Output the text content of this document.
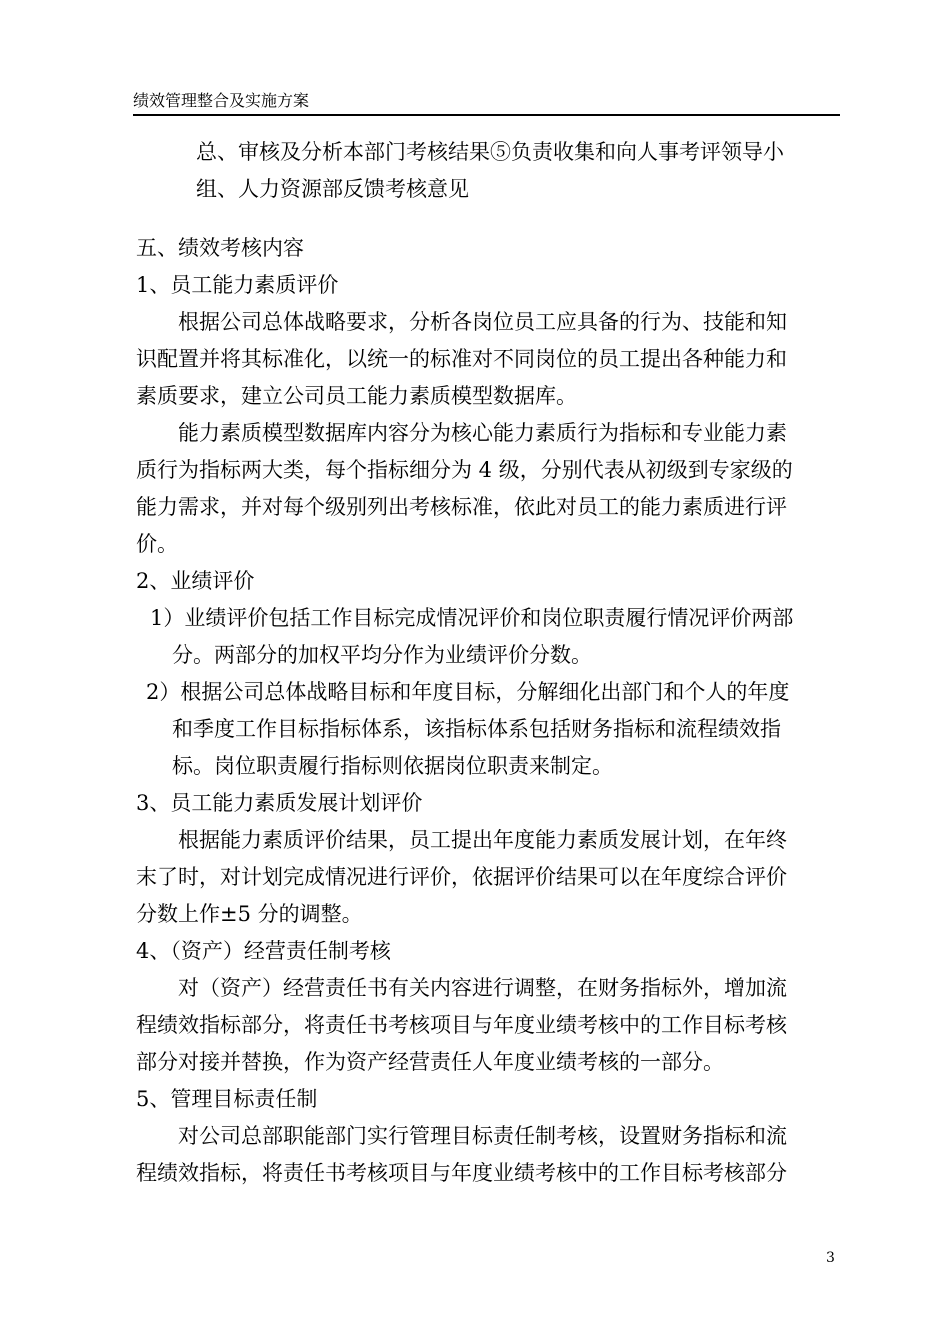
绩效管理整合及实施方案
总、审核及分析本部门考核结果⑤负责收集和向人事考评领导小
组、人力资源部反馈考核意见
五、绩效考核内容
1、员工能力素质评价
根据公司总体战略要求，分析各岗位员工应具备的行为、技能和知
识配置并将其标准化，以统一的标准对不同岗位的员工提出各种能力和
素质要求，建立公司员工能力素质模型数据库。
能力素质模型数据库内容分为核心能力素质行为指标和专业能力素
质行为指标两大类，每个指标细分为 4 级，分别代表从初级到专家级的
能力需求，并对每个级别列出考核标准，依此对员工的能力素质进行评
价。
2、业绩评价
1）业绩评价包括工作目标完成情况评价和岗位职责履行情况评价两部
分。两部分的加权平均分作为业绩评价分数。
2）根据公司总体战略目标和年度目标，分解细化出部门和个人的年度
和季度工作目标指标体系，该指标体系包括财务指标和流程绩效指
标。岗位职责履行指标则依据岗位职责来制定。
3、员工能力素质发展计划评价
根据能力素质评价结果，员工提出年度能力素质发展计划，在年终
末了时，对计划完成情况进行评价，依据评价结果可以在年度综合评价
分数上作±5 分的调整。
4、（资产）经营责任制考核
对（资产）经营责任书有关内容进行调整，在财务指标外，增加流
程绩效指标部分，将责任书考核项目与年度业绩考核中的工作目标考核
部分对接并替换，作为资产经营责任人年度业绩考核的一部分。
5、管理目标责任制
对公司总部职能部门实行管理目标责任制考核，设置财务指标和流
程绩效指标，将责任书考核项目与年度业绩考核中的工作目标考核部分
3
